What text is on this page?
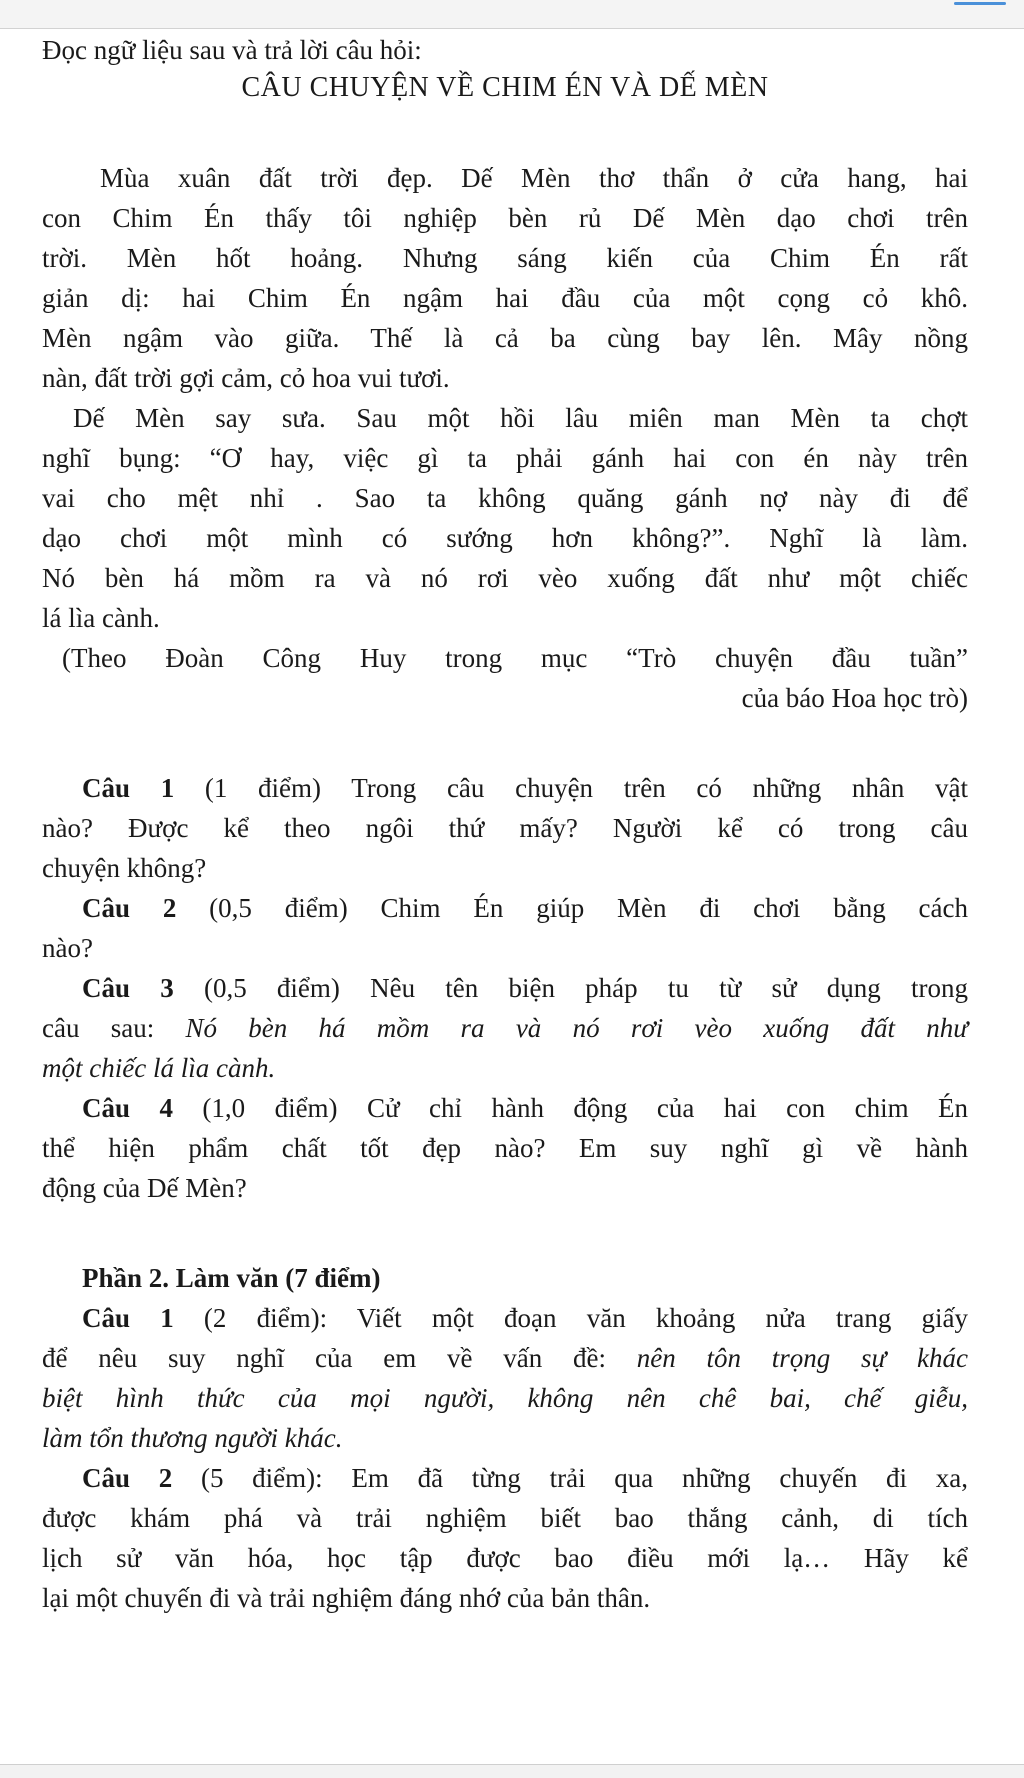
Đọc ngữ liệu sau và trả lời câu hỏi:
CÂU CHUYỆN VỀ CHIM ÉN VÀ DẾ MÈN
Mùa xuân đất trời đẹp. Dế Mèn thơ thẩn ở cửa hang, hai
con Chim Én thấy tôi nghiệp bèn rủ Dế Mèn dạo chơi trên
trời. Mèn hốt hoảng. Nhưng sáng kiến của Chim Én rất
giản dị: hai Chim Én ngậm hai đầu của một cọng cỏ khô.
Mèn ngậm vào giữa. Thế là cả ba cùng bay lên. Mây nồng
nàn, đất trời gợi cảm, cỏ hoa vui tươi.
Dế Mèn say sưa. Sau một hồi lâu miên man Mèn ta chợt
nghĩ bụng: “Ơ hay, việc gì ta phải gánh hai con én này trên
vai cho mệt nhỉ . Sao ta không quăng gánh nợ này đi để
dạo chơi một mình có sướng hơn không?”. Nghĩ là làm.
Nó bèn há mồm ra và nó rơi vèo xuống đất như một chiếc
lá lìa cành.
(Theo Đoàn Công Huy trong mục “Trò chuyện đầu tuần”
của báo Hoa học trò)
Câu 1 (1 điểm) Trong câu chuyện trên có những nhân vật
nào? Được kể theo ngôi thứ mấy? Người kể có trong câu
chuyện không?
Câu 2 (0,5 điểm) Chim Én giúp Mèn đi chơi bằng cách
nào?
Câu 3 (0,5 điểm) Nêu tên biện pháp tu từ sử dụng trong
câu sau: Nó bèn há mồm ra và nó rơi vèo xuống đất như
một chiếc lá lìa cành.
Câu 4 (1,0 điểm) Cử chỉ hành động của hai con chim Én
thể hiện phẩm chất tốt đẹp nào? Em suy nghĩ gì về hành
động của Dế Mèn?
Phần 2. Làm văn (7 điểm)
Câu 1 (2 điểm): Viết một đoạn văn khoảng nửa trang giấy
để nêu suy nghĩ của em về vấn đề: nên tôn trọng sự khác
biệt hình thức của mọi người, không nên chê bai, chế giễu,
làm tổn thương người khác.
Câu 2 (5 điểm): Em đã từng trải qua những chuyến đi xa,
được khám phá và trải nghiệm biết bao thắng cảnh, di tích
lịch sử văn hóa, học tập được bao điều mới lạ… Hãy kể
lại một chuyến đi và trải nghiệm đáng nhớ của bản thân.
